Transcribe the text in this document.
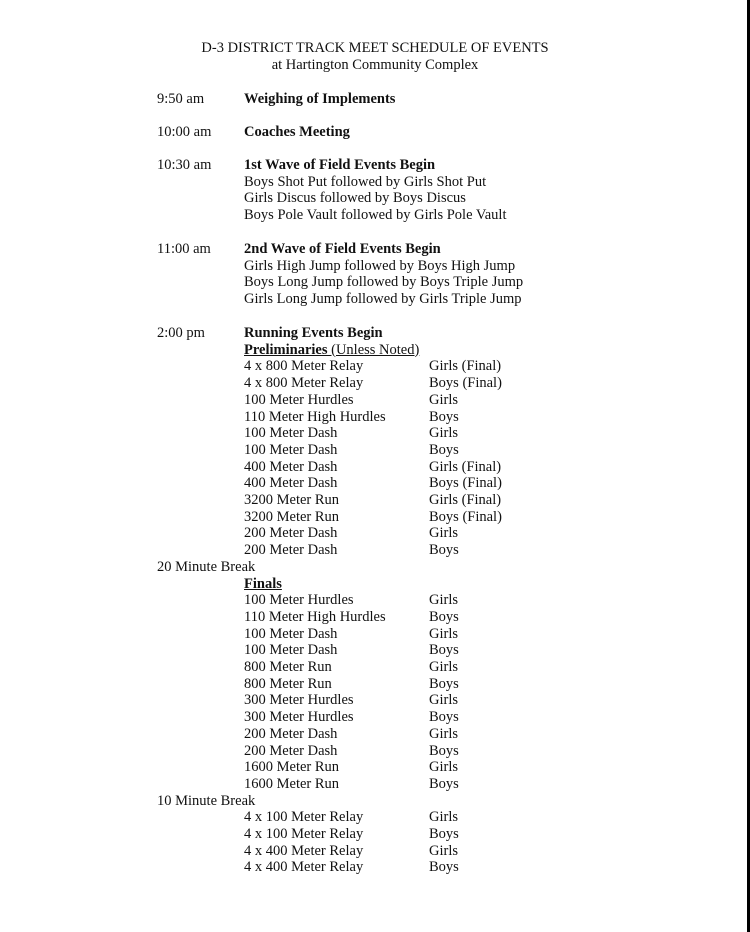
D-3 DISTRICT TRACK MEET SCHEDULE OF EVENTS
at Hartington Community Complex
9:50 am	Weighing of Implements
10:00 am Coaches Meeting
10:30 am 1st Wave of Field Events Begin
Boys Shot Put followed by Girls Shot Put
Girls Discus followed by Boys Discus
Boys Pole Vault followed by Girls Pole Vault
11:00 am 2nd Wave of Field Events Begin
Girls High Jump followed by Boys High Jump
Boys Long Jump followed by Boys Triple Jump
Girls Long Jump followed by Girls Triple Jump
2:00 pm	Running Events Begin
Preliminaries (Unless Noted)
4 x 800 Meter Relay	Girls (Final)
4 x 800 Meter Relay	Boys (Final)
100 Meter Hurdles	Girls
110 Meter High Hurdles	Boys
100 Meter Dash	Girls
100 Meter Dash	Boys
400 Meter Dash	Girls (Final)
400 Meter Dash	Boys (Final)
3200 Meter Run	Girls (Final)
3200 Meter Run	Boys (Final)
200 Meter Dash	Girls
200 Meter Dash	Boys
20 Minute Break
Finals
100 Meter Hurdles	Girls
110 Meter High Hurdles	Boys
100 Meter Dash	Girls
100 Meter Dash	Boys
800 Meter Run	Girls
800 Meter Run	Boys
300 Meter Hurdles	Girls
300 Meter Hurdles	Boys
200 Meter Dash	Girls
200 Meter Dash	Boys
1600 Meter Run	Girls
1600 Meter Run	Boys
10 Minute Break
4 x 100 Meter Relay	Girls
4 x 100 Meter Relay	Boys
4 x 400 Meter Relay	Girls
4 x 400 Meter Relay	Boys
